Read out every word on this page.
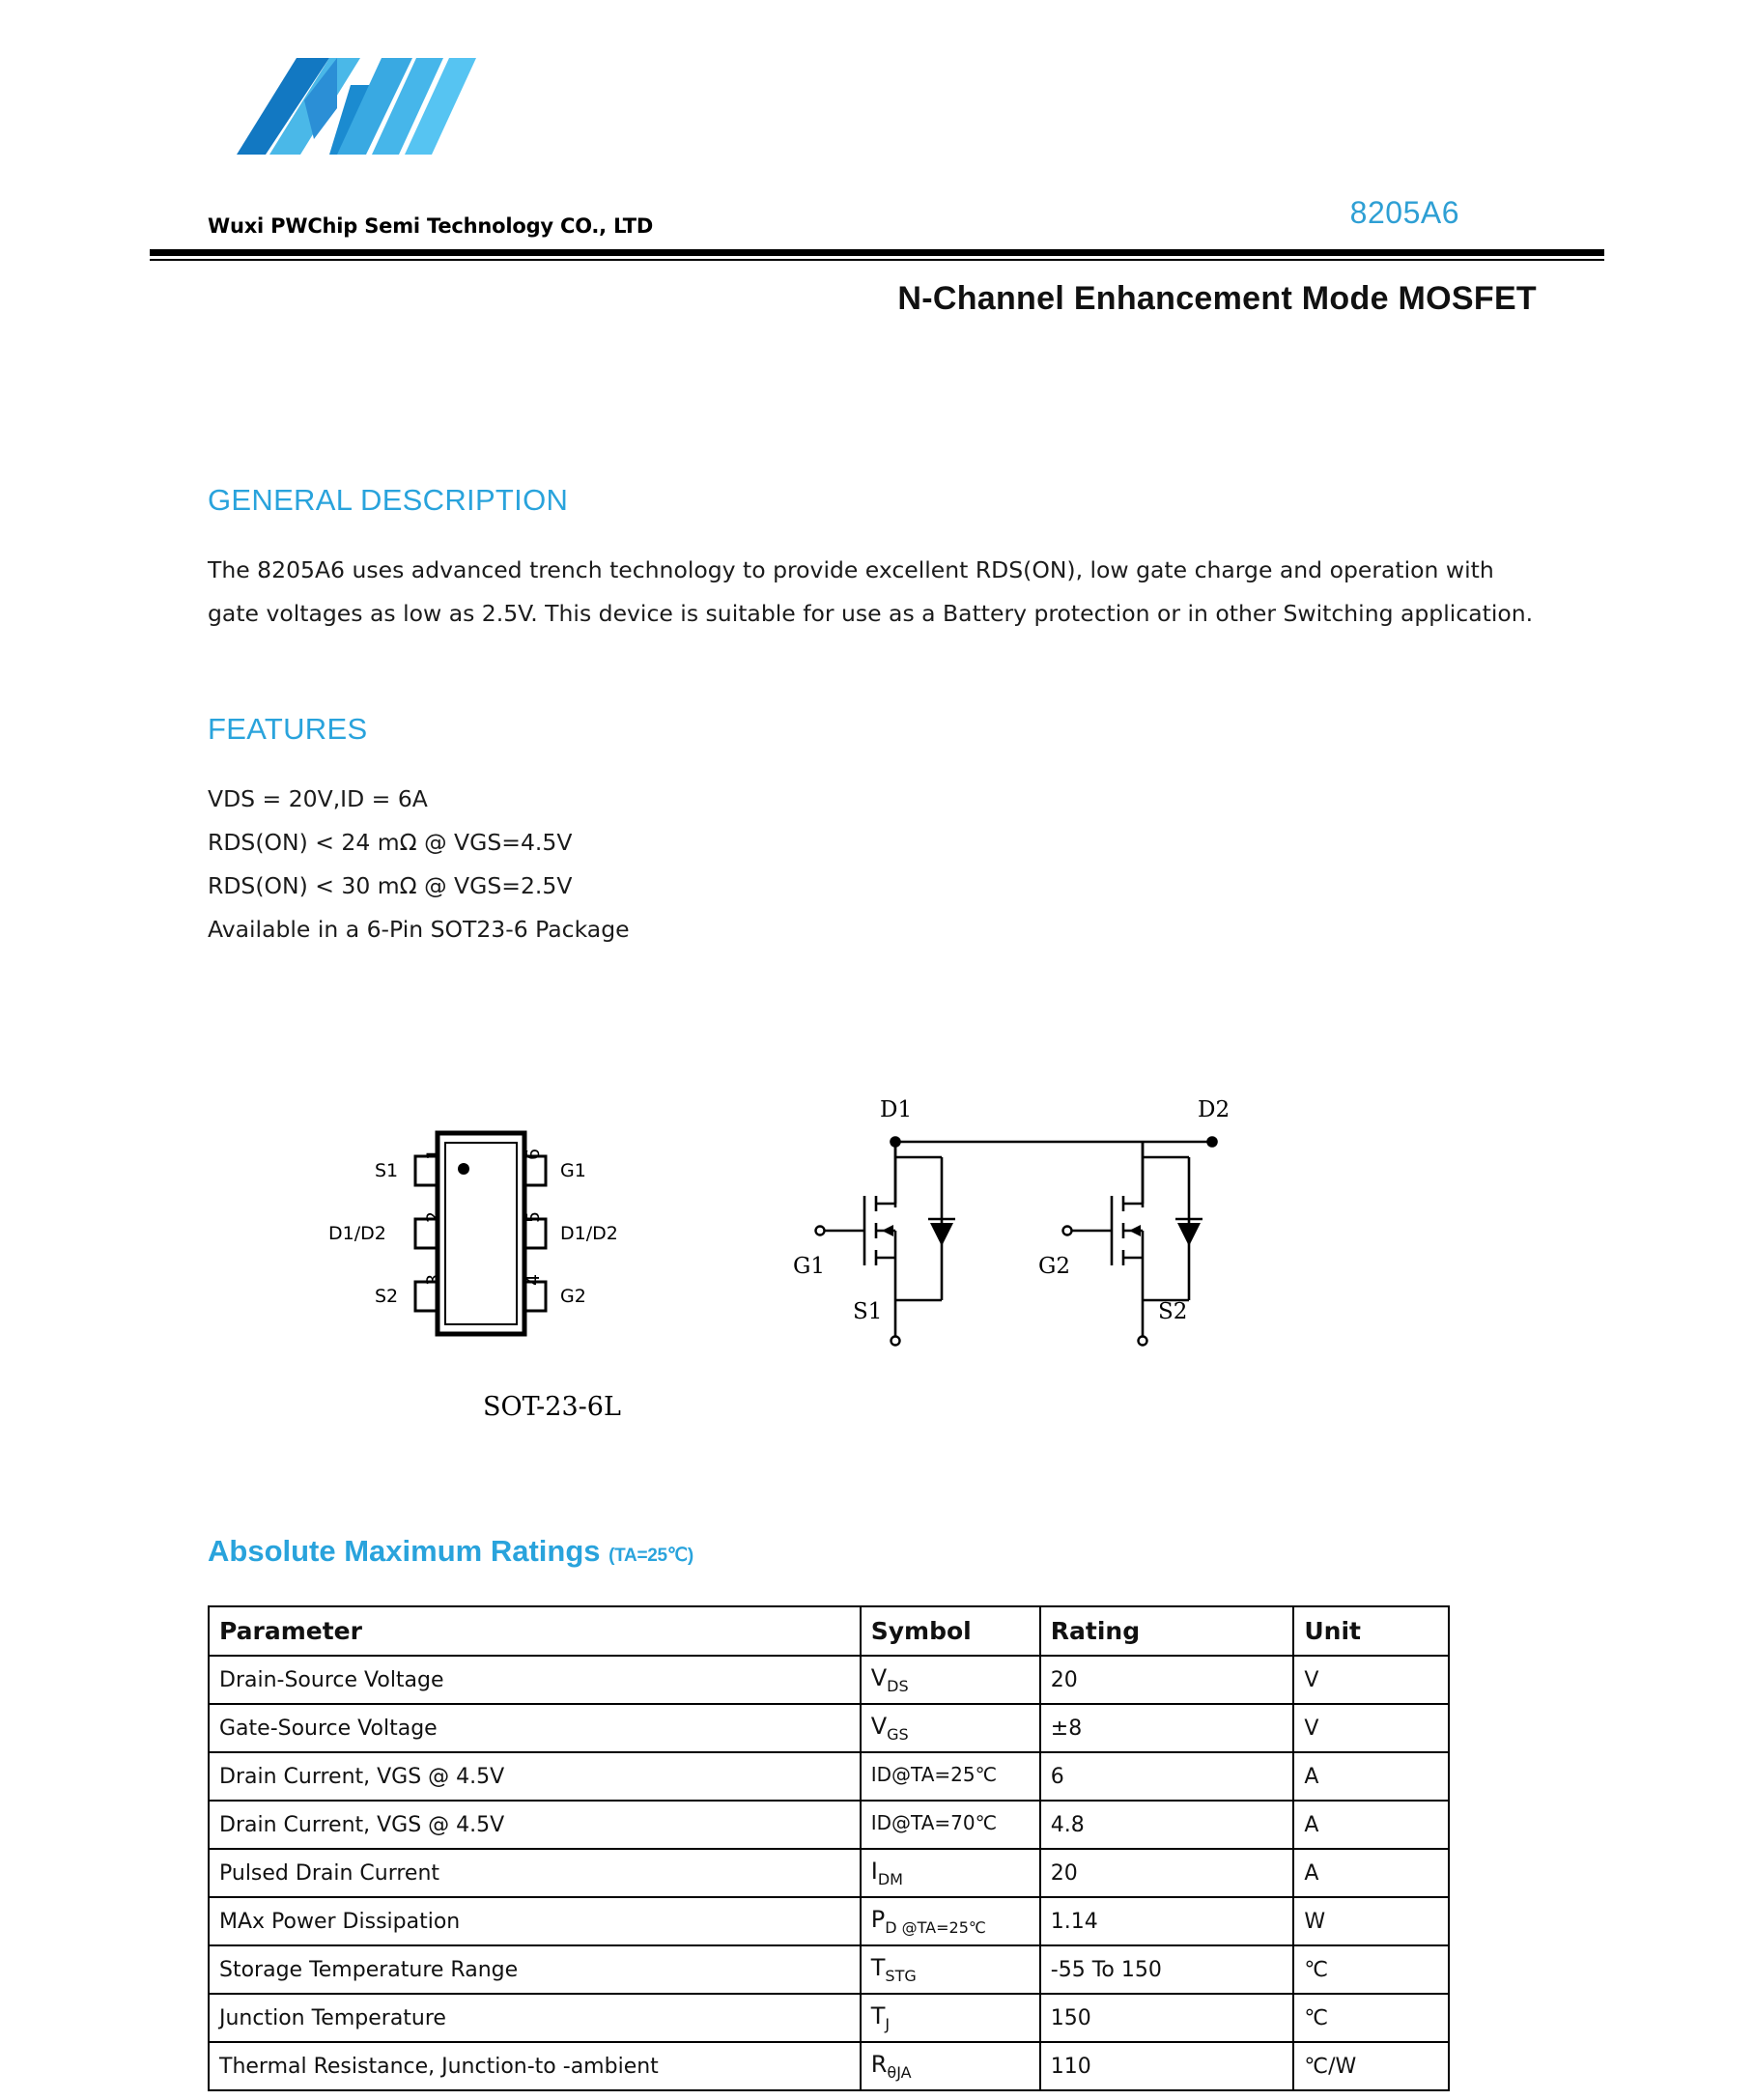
Wuxi PWChip Semi Technology CO., LTD	8205A6
N-Channel Enhancement Mode MOSFET
GENERAL DESCRIPTION
The 8205A6 uses advanced trench technology to provide excellent RDS(ON), low gate charge and operation with gate voltages as low as 2.5V. This device is suitable for use as a Battery protection or in other Switching application.
FEATURES
VDS = 20V,ID = 6A
RDS(ON) < 24 mΩ @ VGS=4.5V
RDS(ON) < 30 mΩ @ VGS=2.5V
Available in a 6-Pin SOT23-6 Package
1
2
3
6
5
4
S1
D1/D2
S2
G1
D1/D2
G2
SOT-23-6L
D1	D2
G1	G2
S1	S2
Absolute Maximum Ratings (TA=25℃)
Parameter	Symbol	Rating	Unit
Drain-Source Voltage	$V_{DS}$	20	V
Gate-Source Voltage	$V_{GS}$	±8	V
Drain Current, VGS @ 4.5V	ID@TA=25℃	6	A
Drain Current, VGS @ 4.5V	ID@TA=70℃	4.8	A
Pulsed Drain Current	$I_{DM}$	20	A
MAx Power Dissipation	$P_{D @TA=25℃}$	1.14	W
Storage Temperature Range	$T_{STG}$	-55 To 150	℃
Junction Temperature	$T_J$	150	℃
Thermal Resistance, Junction-to -ambient	$R_{\theta JA}$	110	℃/W
